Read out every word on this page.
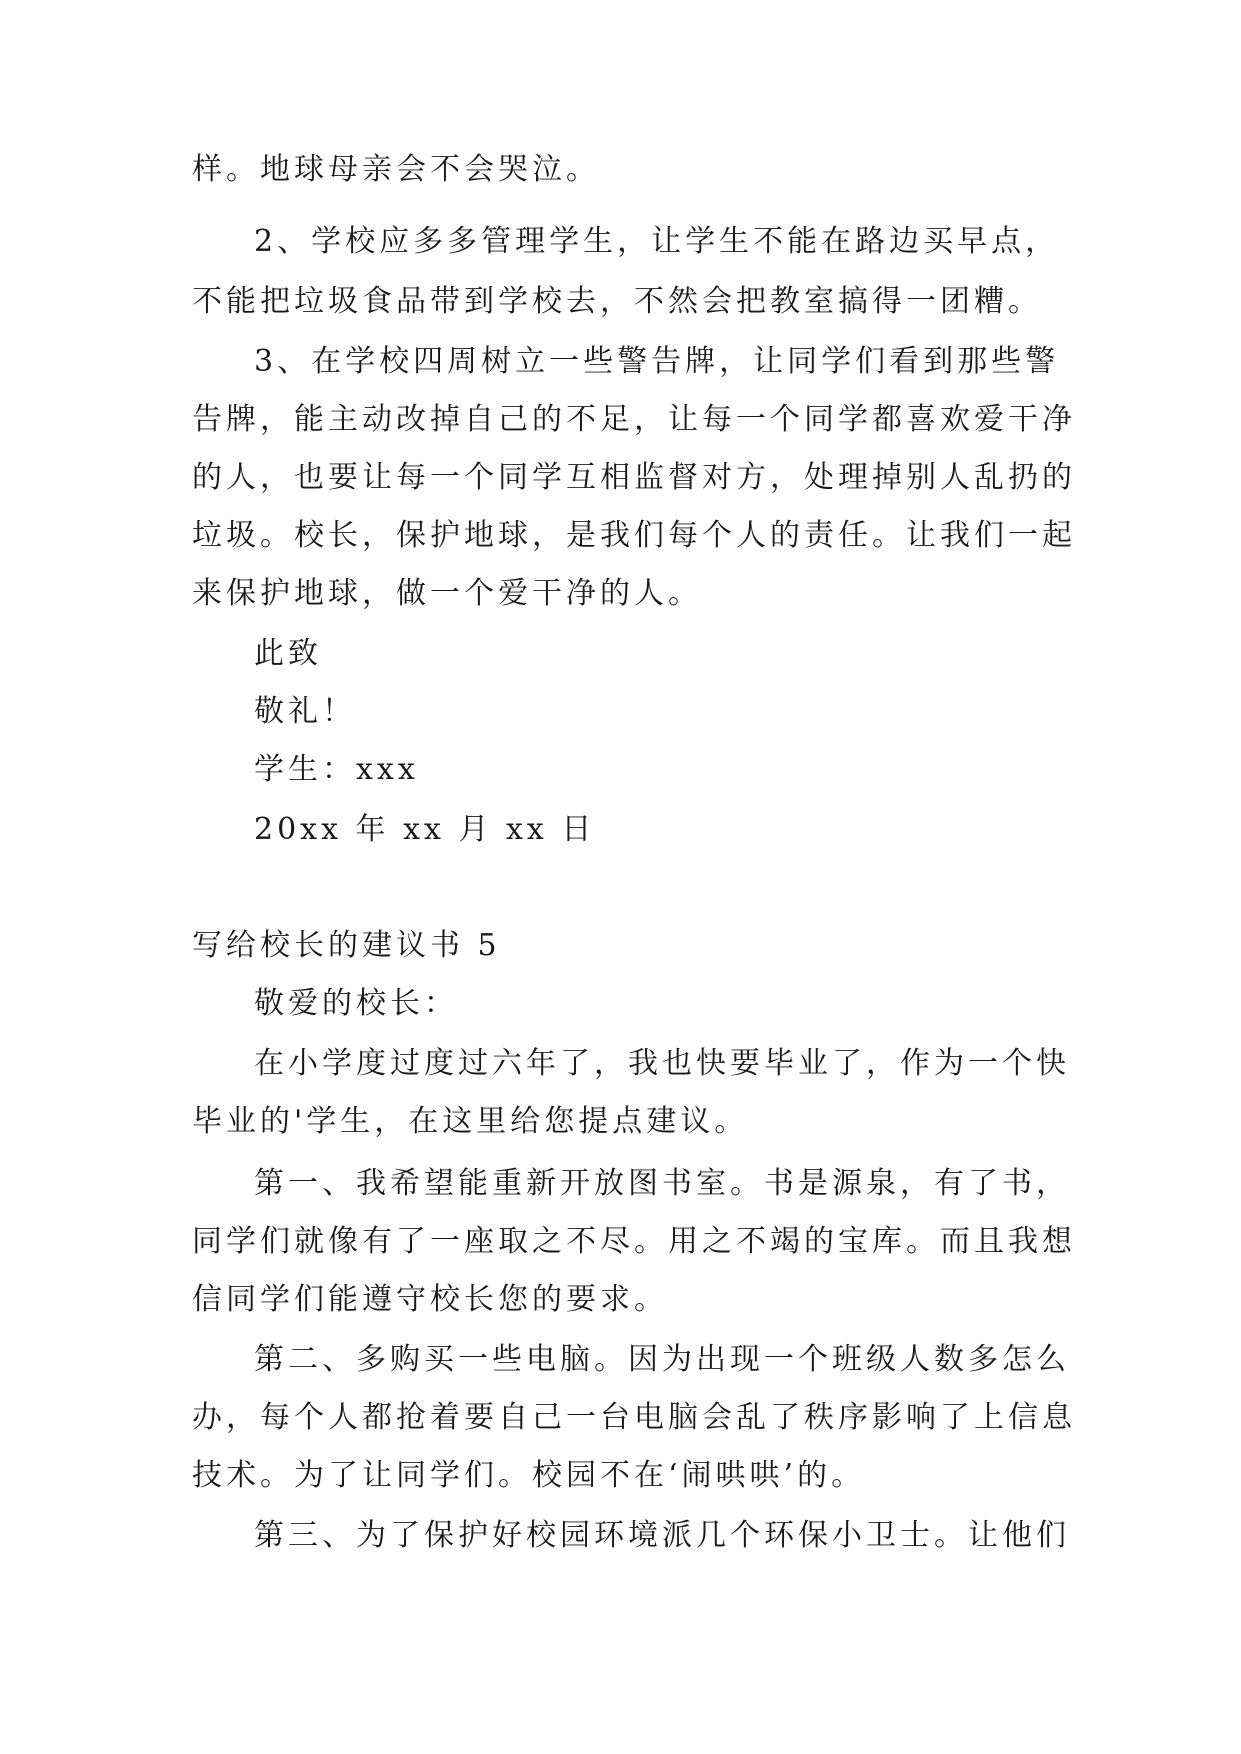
样。地球母亲会不会哭泣。
2、学校应多多管理学生，让学生不能在路边买早点，
不能把垃圾食品带到学校去，不然会把教室搞得一团糟。
3、在学校四周树立一些警告牌，让同学们看到那些警
告牌，能主动改掉自己的不足，让每一个同学都喜欢爱干净
的人，也要让每一个同学互相监督对方，处理掉别人乱扔的
垃圾。校长，保护地球，是我们每个人的责任。让我们一起
来保护地球，做一个爱干净的人。
此致
敬礼！
学生：xxx
20xx 年 xx 月 xx 日
写给校长的建议书 5
敬爱的校长：
在小学度过度过六年了，我也快要毕业了，作为一个快
毕业的'学生，在这里给您提点建议。
第一、我希望能重新开放图书室。书是源泉，有了书，
同学们就像有了一座取之不尽。用之不竭的宝库。而且我想
信同学们能遵守校长您的要求。
第二、多购买一些电脑。因为出现一个班级人数多怎么
办，每个人都抢着要自己一台电脑会乱了秩序影响了上信息
技术。为了让同学们。校园不在‘闹哄哄’的。
第三、为了保护好校园环境派几个环保小卫士。让他们
